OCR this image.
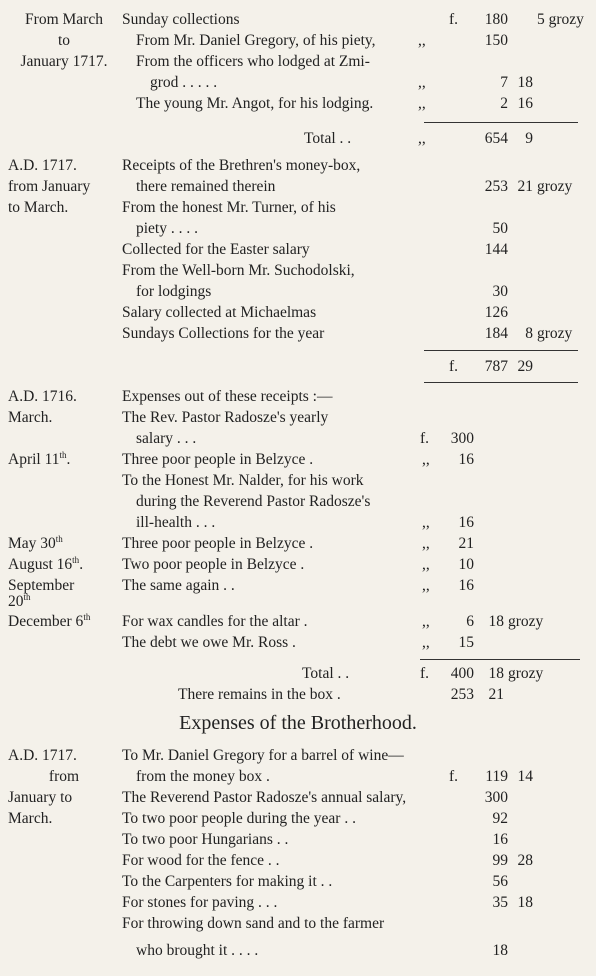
From March	Sunday collections	f.	180 5 grozy
to	From Mr. Daniel Gregory, of his piety,	,,	150
January 1717.	From the officers who lodged at Zmi-
grod . . . . .	,,	7 18
The young Mr. Angot, for his lodging.	,,	2 16
Total . .	,,	654	9
A.D. 1717.	Receipts of the Brethren's money-box,
from January	there remained therein	253 21 grozy
to March.	From the honest Mr. Turner, of his
piety . . . .	50
Collected for the Easter salary	144
From the Well-born Mr. Suchodolski,
for lodgings	30
Salary collected at Michaelmas	126
Sundays Collections for the year	184	8 grozy
f.	787 29
A.D. 1716.	Expenses out of these receipts :—
March.	The Rev. Pastor Radosze's yearly
salary . . .	f.	300
April 11th.	Three poor people in Belzyce .	,,	16
To the Honest Mr. Nalder, for his work
during the Reverend Pastor Radosze's
ill-health . . .	,,	16
May 30th	Three poor people in Belzyce .	,,	21
August 16th.	Two poor people in Belzyce .	,,	10
September	The same again . .	,,	16
20th
December 6th	For wax candles for the altar .	,,	6 18 grozy
The debt we owe Mr. Ross .	,,	15
Total . .	f.	400 18 grozy
There remains in the box .	253 21
Expenses of the Brotherhood.
A.D. 1717.	To Mr. Daniel Gregory for a barrel of wine—
from	from the money box .	f.	119 14
January to	The Reverend Pastor Radosze's annual salary,	300
March.	To two poor people during the year . .	92
To two poor Hungarians . .	16
For wood for the fence . .	99 28
To the Carpenters for making it . .	56
For stones for paving . . .	35 18
For throwing down sand and to the farmer
who brought it . . . .	18
